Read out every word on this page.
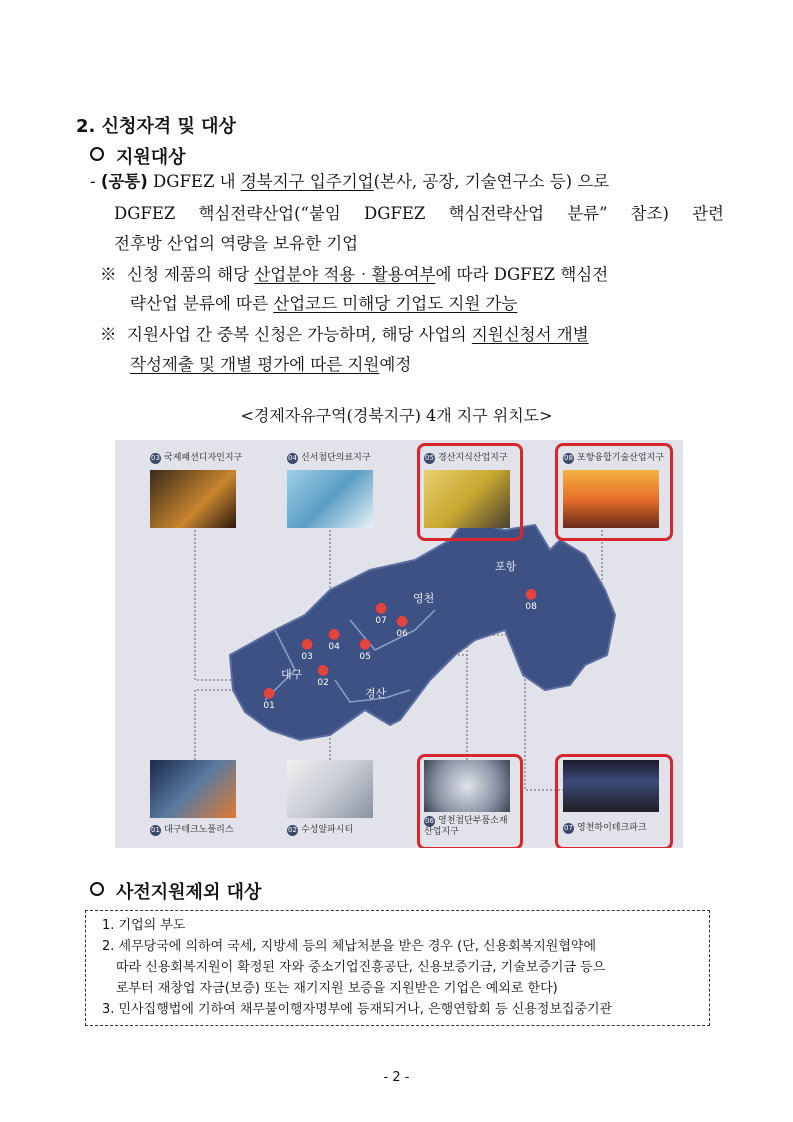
2. 신청자격 및 대상
지원대상
- (공통) DGFEZ 내 경북지구 입주기업(본사, 공장, 기술연구소 등) 으로
DGFEZ 핵심전략산업(“붙임 DGFEZ 핵심전략산업 분류” 참조) 관련
전후방 산업의 역량을 보유한 기업
※ 신청 제품의 해당 산업분야 적용‧활용여부에 따라 DGFEZ 핵심전
략산업 분류에 따른 산업코드 미해당 기업도 지원 가능
※ 지원사업 간 중복 신청은 가능하며, 해당 사업의 지원신청서 개별
작성제출 및 개별 평가에 따른 지원예정
<경제자유구역(경북지구) 4개 지구 위치도>
03 국제패션디자인지구	04 신서첨단의료지구	05 경산지식산업지구	08 포항융합기술산업지구
01 대구테크노폴리스	02 수성알파시티
06 영천첨단부품소재 산업지구	07 영천하이테크파크
포항
영천
대구
경산
●
01
●
02
●
03
●
04 ●
05
●
06
●
07
●
08
사전지원제외 대상
1. 기업의 부도
2. 세무당국에 의하여 국세, 지방세 등의 체납처분을 받은 경우 (단, 신용회복지원협약에
따라 신용회복지원이 확정된 자와 중소기업진흥공단, 신용보증기금, 기술보증기금 등으
로부터 재창업 자금(보증) 또는 재기지원 보증을 지원받은 기업은 예외로 한다)
3. 민사집행법에 기하여 채무불이행자명부에 등재되거나, 은행연합회 등 신용정보집중기관
- 2 -
